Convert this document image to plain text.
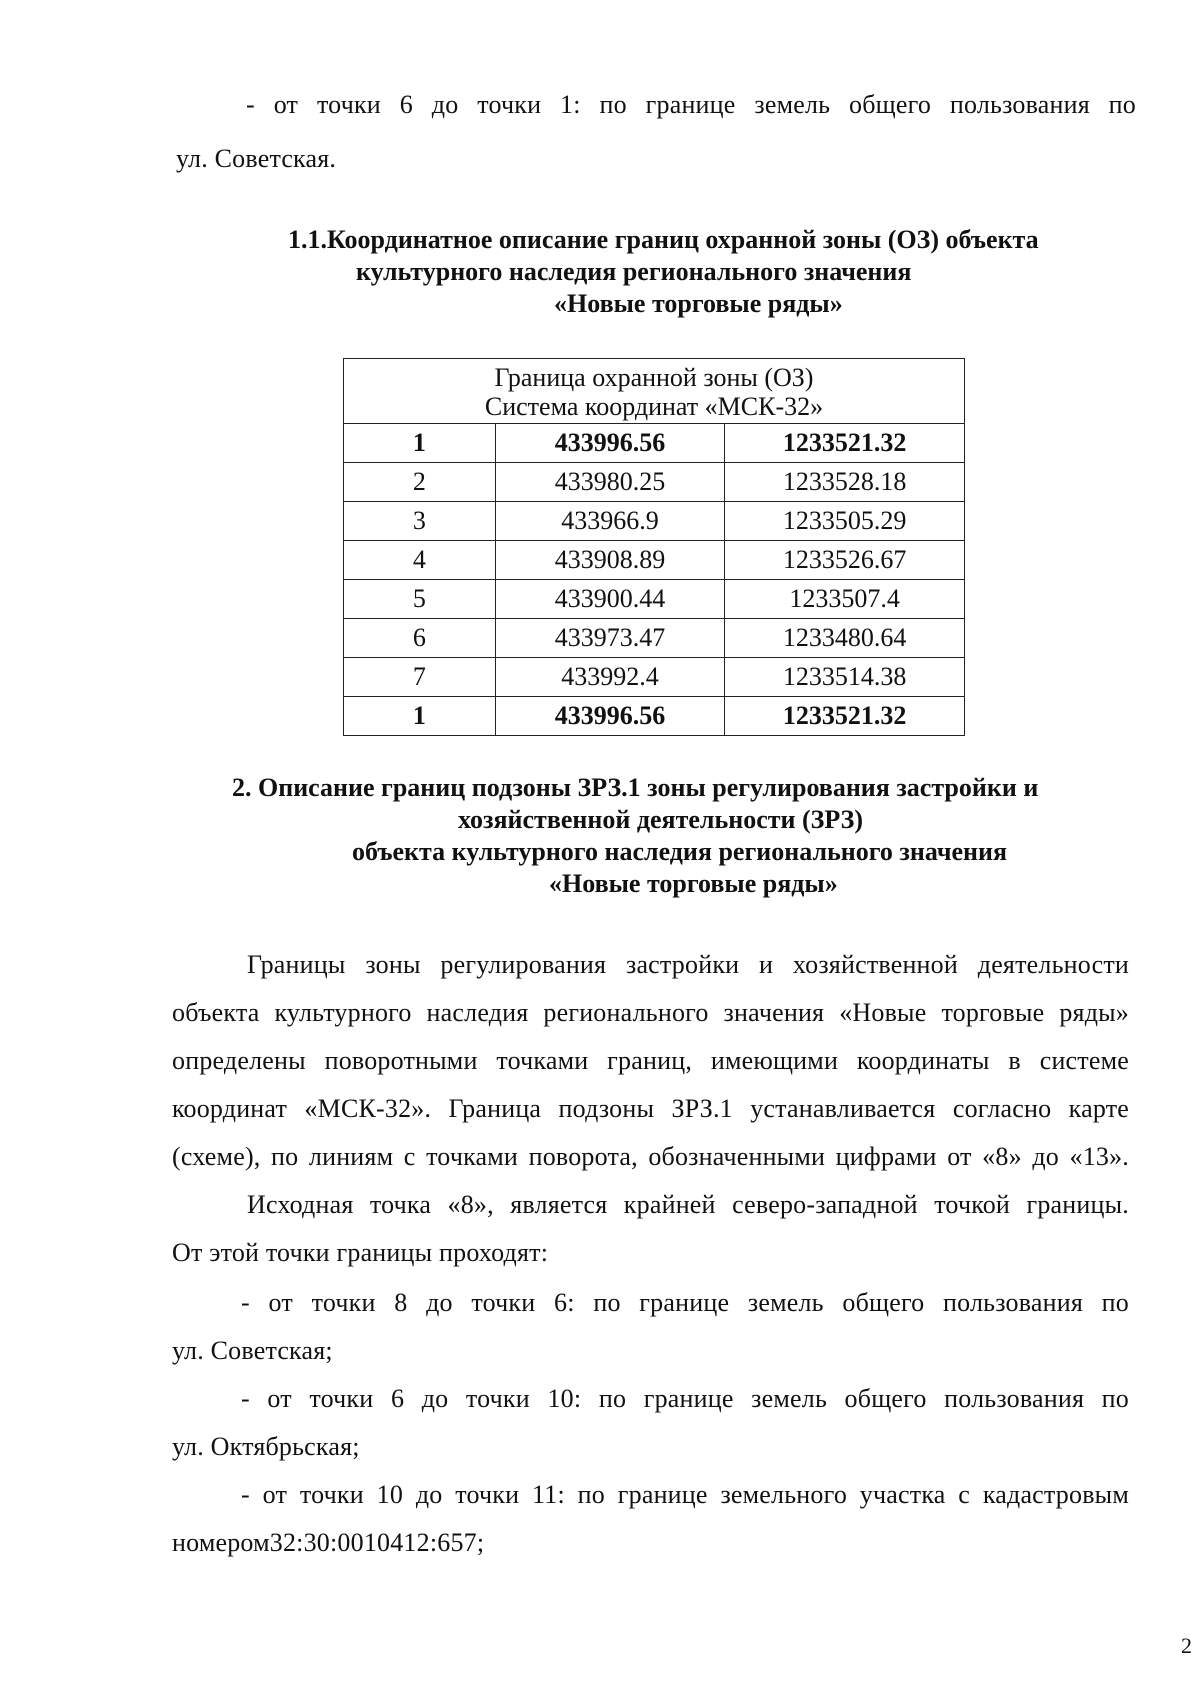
- от точки 6 до точки 1: по границе земель общего пользования по
ул. Советская.
1.1.Координатное описание границ охранной зоны (ОЗ) объекта
культурного наследия регионального значения
«Новые торговые ряды»
Граница охранной зоны (ОЗ)
Система координат «МСК-32»		

1	433996.56	1233521.32
2	433980.25	1233528.18
3	433966.9	1233505.29
4	433908.89	1233526.67
5	433900.44	1233507.4
6	433973.47	1233480.64
7	433992.4	1233514.38
1	433996.56	1233521.32
2. Описание границ подзоны ЗРЗ.1 зоны регулирования застройки и
хозяйственной деятельности (ЗРЗ)
объекта культурного наследия регионального значения
«Новые торговые ряды»
Границы зоны регулирования застройки и хозяйственной деятельности
объекта культурного наследия регионального значения «Новые торговые ряды»
определены поворотными точками границ, имеющими координаты в системе
координат «МСК-32». Граница подзоны ЗРЗ.1 устанавливается согласно карте
(схеме), по линиям с точками поворота, обозначенными цифрами от «8» до «13».
Исходная точка «8», является крайней северо-западной точкой границы.
От этой точки границы проходят:
- от точки 8 до точки 6: по границе земель общего пользования по
ул. Советская;
- от точки 6 до точки 10: по границе земель общего пользования по
ул. Октябрьская;
- от точки 10 до точки 11: по границе земельного участка с кадастровым
номером32:30:0010412:657;
2
